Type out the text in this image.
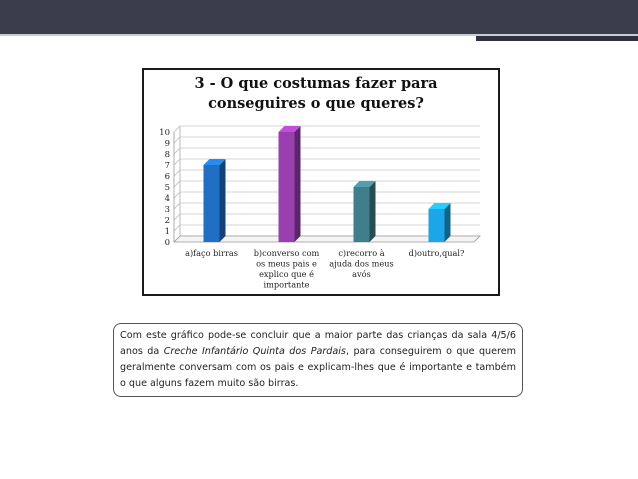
3 - O que costumas fazer para
conseguires o que queres?
0
1
2
3
4
5
6
7
8
9
10
a)faço birras b)converso com os meus pais e explico que é importante
c)recorro à ajuda dos meus avós
d)outro,qual?

Com este gráfico pode-se concluir que a maior parte das crianças da sala 4/5/6 anos da Creche Infantário Quinta dos Pardais, para conseguirem o que querem geralmente conversam com os pais e explicam-lhes que é importante e também o que alguns fazem muito são birras.
